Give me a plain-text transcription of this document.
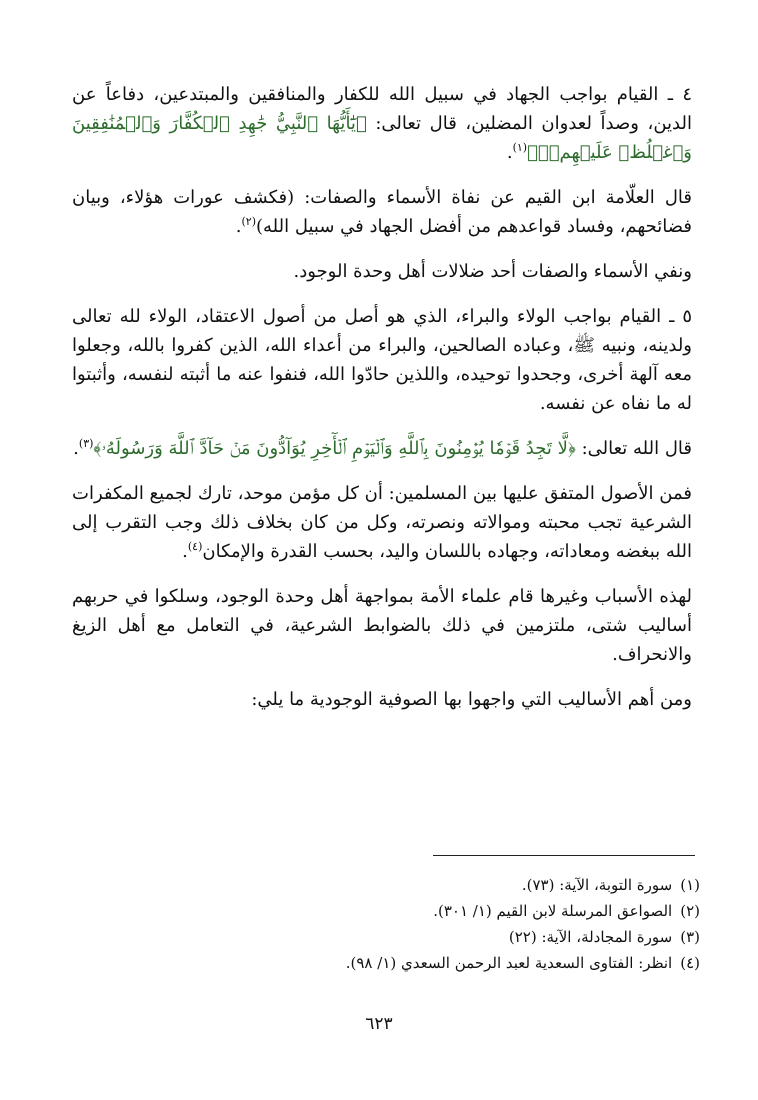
٤ ـ القيام بواجب الجهاد في سبيل الله للكفار والمنافقين والمبتدعين، دفاعاً عن الدين، وصداً لعدوان المضلين، قال تعالى: ﴿يَٰٓأَيُّهَا ٱلنَّبِيُّ جَٰهِدِ ٱلۡكُفَّارَ وَٱلۡمُنَٰفِقِينَ وَٱغۡلُظۡ عَلَيۡهِمۡۚ﴾$^{(١)}$.

قال العلّامة ابن القيم عن نفاة الأسماء والصفات: (فكشف عورات هؤلاء، وبيان فضائحهم، وفساد قواعدهم من أفضل الجهاد في سبيل الله)$^{(٢)}$.

ونفي الأسماء والصفات أحد ضلالات أهل وحدة الوجود.

٥ ـ القيام بواجب الولاء والبراء، الذي هو أصل من أصول الاعتقاد، الولاء لله تعالى ولدينه، ونبيه ﷺ، وعباده الصالحين، والبراء من أعداء الله، الذين كفروا بالله، وجعلوا معه آلهة أخرى، وجحدوا توحيده، واللذين حادّوا الله، فنفوا عنه ما أثبته لنفسه، وأثبتوا له ما نفاه عن نفسه.

قال الله تعالى: ﴿لَّا تَجِدُ قَوۡمٗا يُؤۡمِنُونَ بِٱللَّهِ وَٱلۡيَوۡمِ ٱلۡأٓخِرِ يُوَآدُّونَ مَنۡ حَآدَّ ٱللَّهَ وَرَسُولَهُۥ﴾$^{(٣)}$.

فمن الأصول المتفق عليها بين المسلمين: أن كل مؤمن موحد، تارك لجميع المكفرات الشرعية تجب محبته وموالاته ونصرته، وكل من كان بخلاف ذلك وجب التقرب إلى الله ببغضه ومعاداته، وجهاده باللسان واليد، بحسب القدرة والإمكان$^{(٤)}$.

لهذه الأسباب وغيرها قام علماء الأمة بمواجهة أهل وحدة الوجود، وسلكوا في حربهم أساليب شتى، ملتزمين في ذلك بالضوابط الشرعية، في التعامل مع أهل الزيغ والانحراف.

ومن أهم الأساليب التي واجهوا بها الصوفية الوجودية ما يلي:

(١)سورة التوبة، الآية: (٧٣).

(٢)الصواعق المرسلة لابن القيم (١/ ٣٠١).

(٣)سورة المجادلة، الآية: (٢٢)

(٤)انظر: الفتاوى السعدية لعبد الرحمن السعدي (١/ ٩٨).

٦٢٣
